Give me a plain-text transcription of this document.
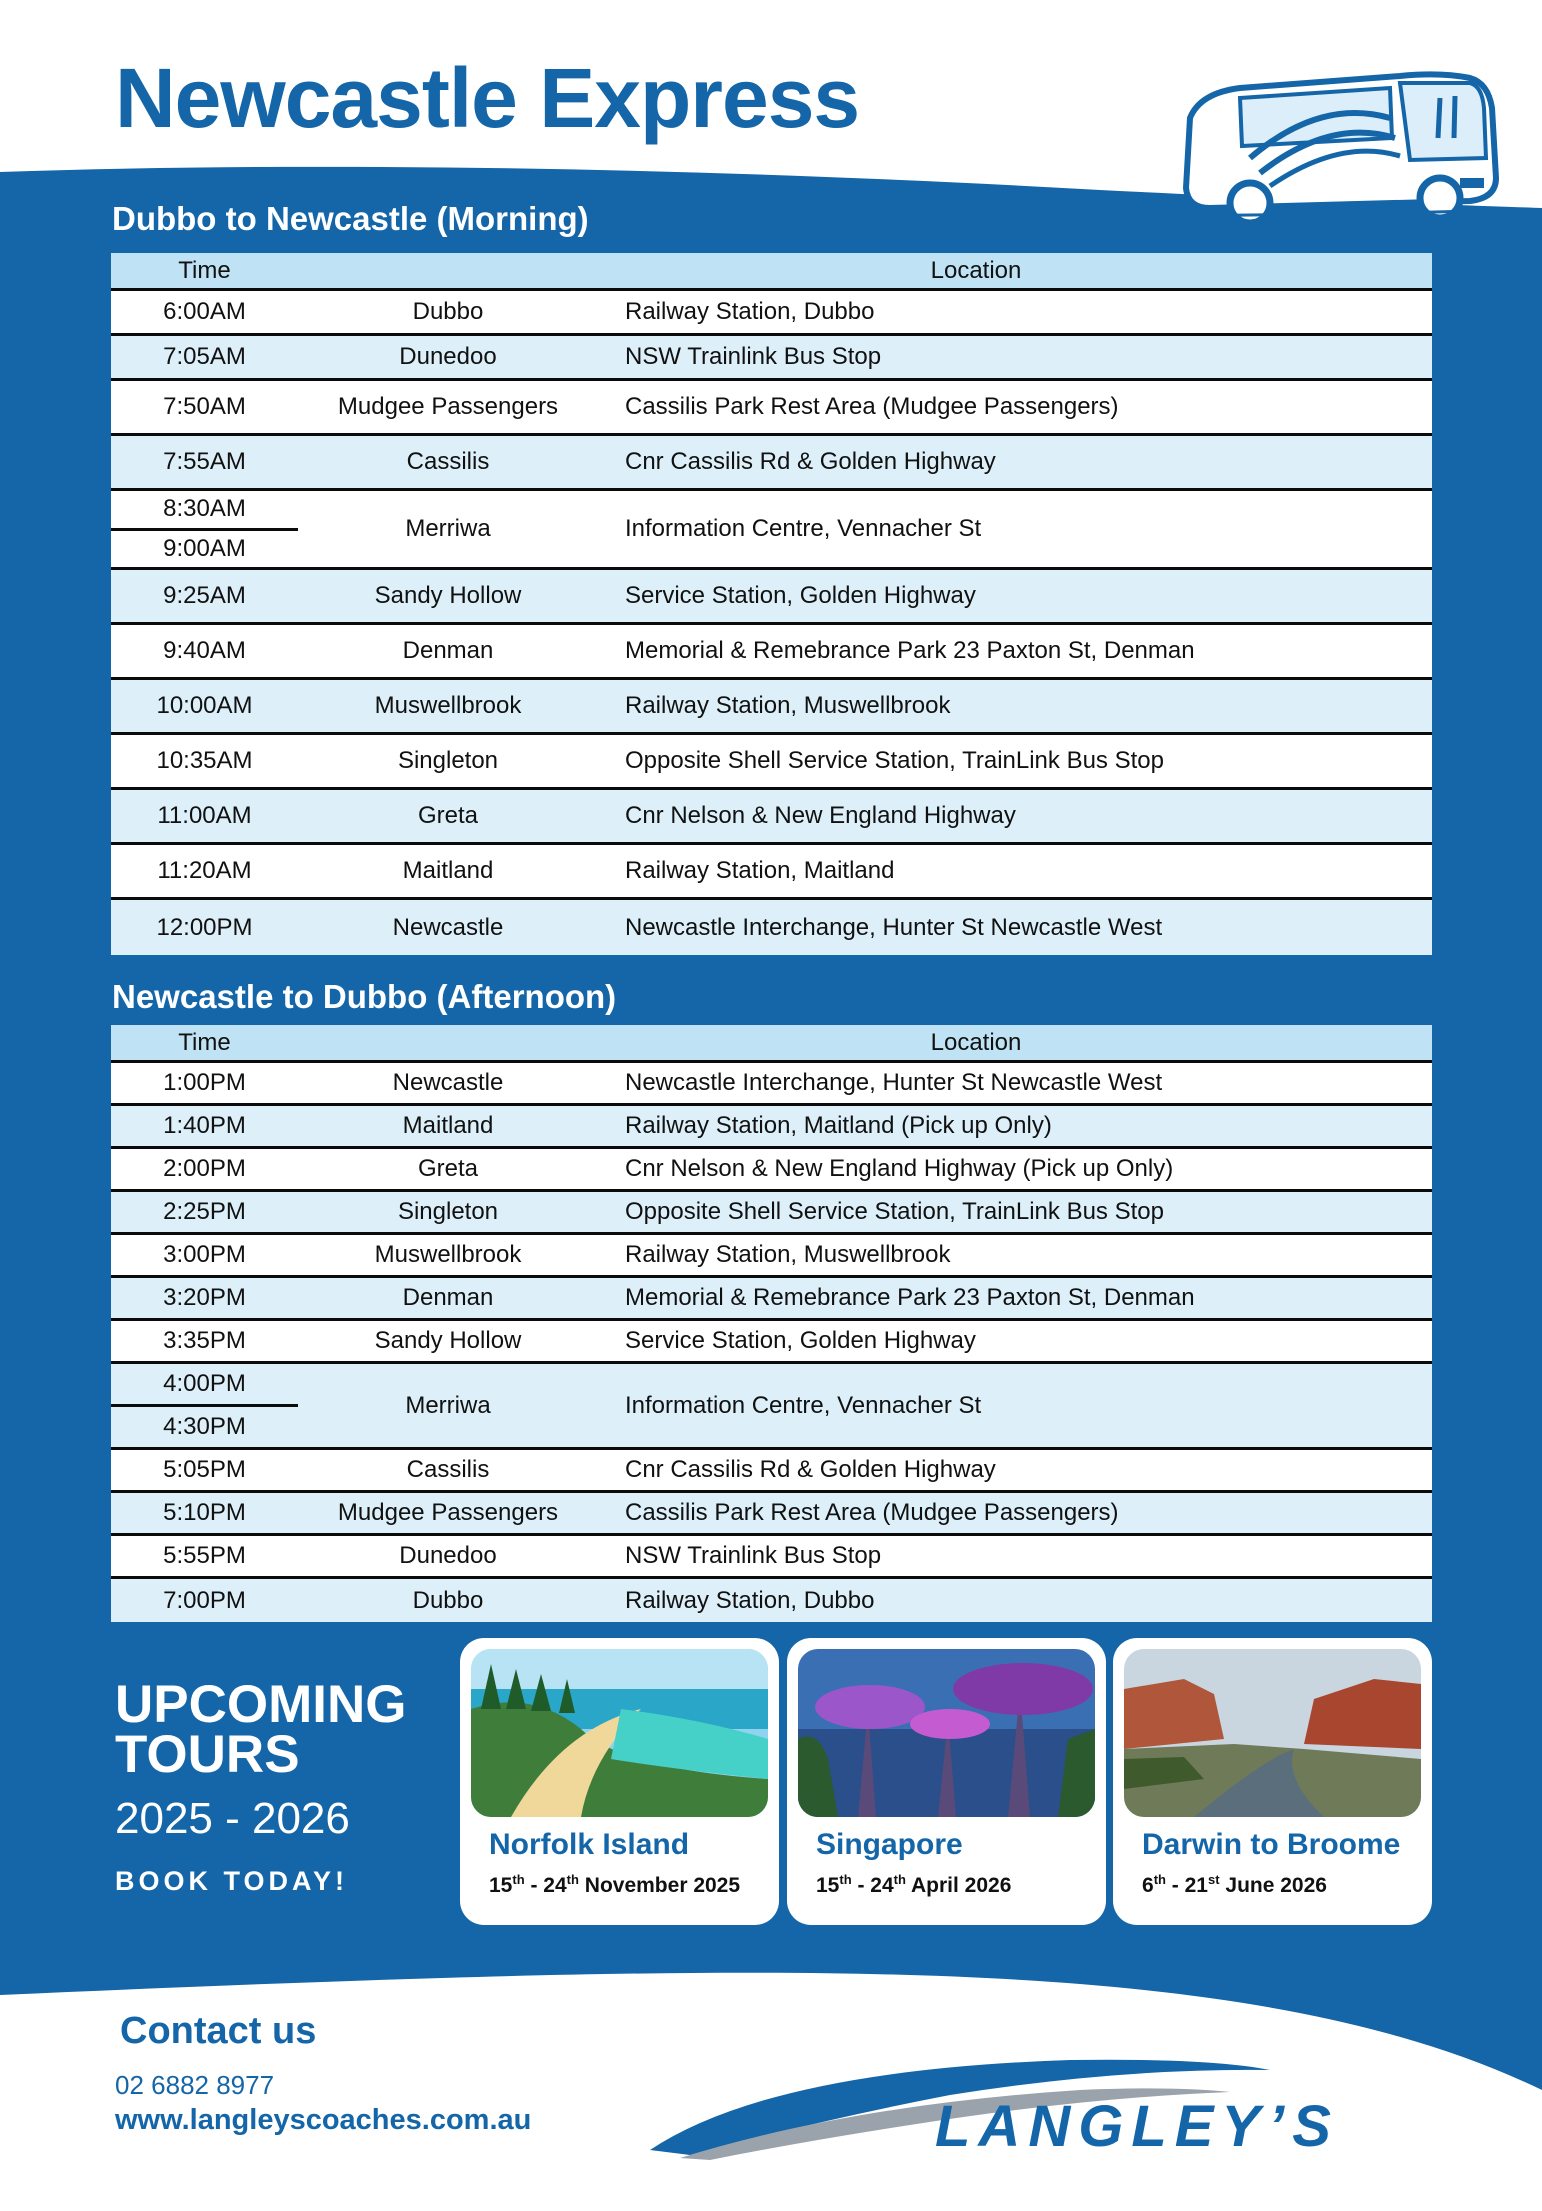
Newcastle Express
Dubbo to Newcastle (Morning)
Time	Location
6:00AM	Dubbo	Railway Station, Dubbo
7:05AM	Dunedoo	NSW Trainlink Bus Stop
7:50AM	Mudgee Passengers	Cassilis Park Rest Area (Mudgee Passengers)
7:55AM	Cassilis	Cnr Cassilis Rd & Golden Highway
8:30AM
9:00AM
Merriwa	Information Centre, Vennacher St
9:25AM	Sandy Hollow	Service Station, Golden Highway
9:40AM	Denman	Memorial & Remebrance Park 23 Paxton St, Denman
10:00AM	Muswellbrook	Railway Station, Muswellbrook
10:35AM	Singleton	Opposite Shell Service Station, TrainLink Bus Stop
11:00AM	Greta	Cnr Nelson & New England Highway
11:20AM	Maitland	Railway Station, Maitland
12:00PM	Newcastle	Newcastle Interchange, Hunter St Newcastle West
Newcastle to Dubbo (Afternoon)
Time	Location
1:00PM	Newcastle	Newcastle Interchange, Hunter St Newcastle West
1:40PM	Maitland	Railway Station, Maitland (Pick up Only)
2:00PM	Greta	Cnr Nelson & New England Highway (Pick up Only)
2:25PM	Singleton	Opposite Shell Service Station, TrainLink Bus Stop
3:00PM	Muswellbrook	Railway Station, Muswellbrook
3:20PM	Denman	Memorial & Remebrance Park 23 Paxton St, Denman
3:35PM	Sandy Hollow	Service Station, Golden Highway
4:00PM
4:30PM
Merriwa	Information Centre, Vennacher St
5:05PM	Cassilis	Cnr Cassilis Rd & Golden Highway
5:10PM	Mudgee Passengers	Cassilis Park Rest Area (Mudgee Passengers)
5:55PM	Dunedoo	NSW Trainlink Bus Stop
7:00PM	Dubbo	Railway Station, Dubbo
UPCOMING
TOURS
2025 - 2026
BOOK TODAY!
Norfolk Island
15th - 24th November 2025
Singapore
15th - 24th April 2026
Darwin to Broome
6th - 21st June 2026
Contact us
02 6882 8977
www.langleyscoaches.com.au	LANGLEY’S
